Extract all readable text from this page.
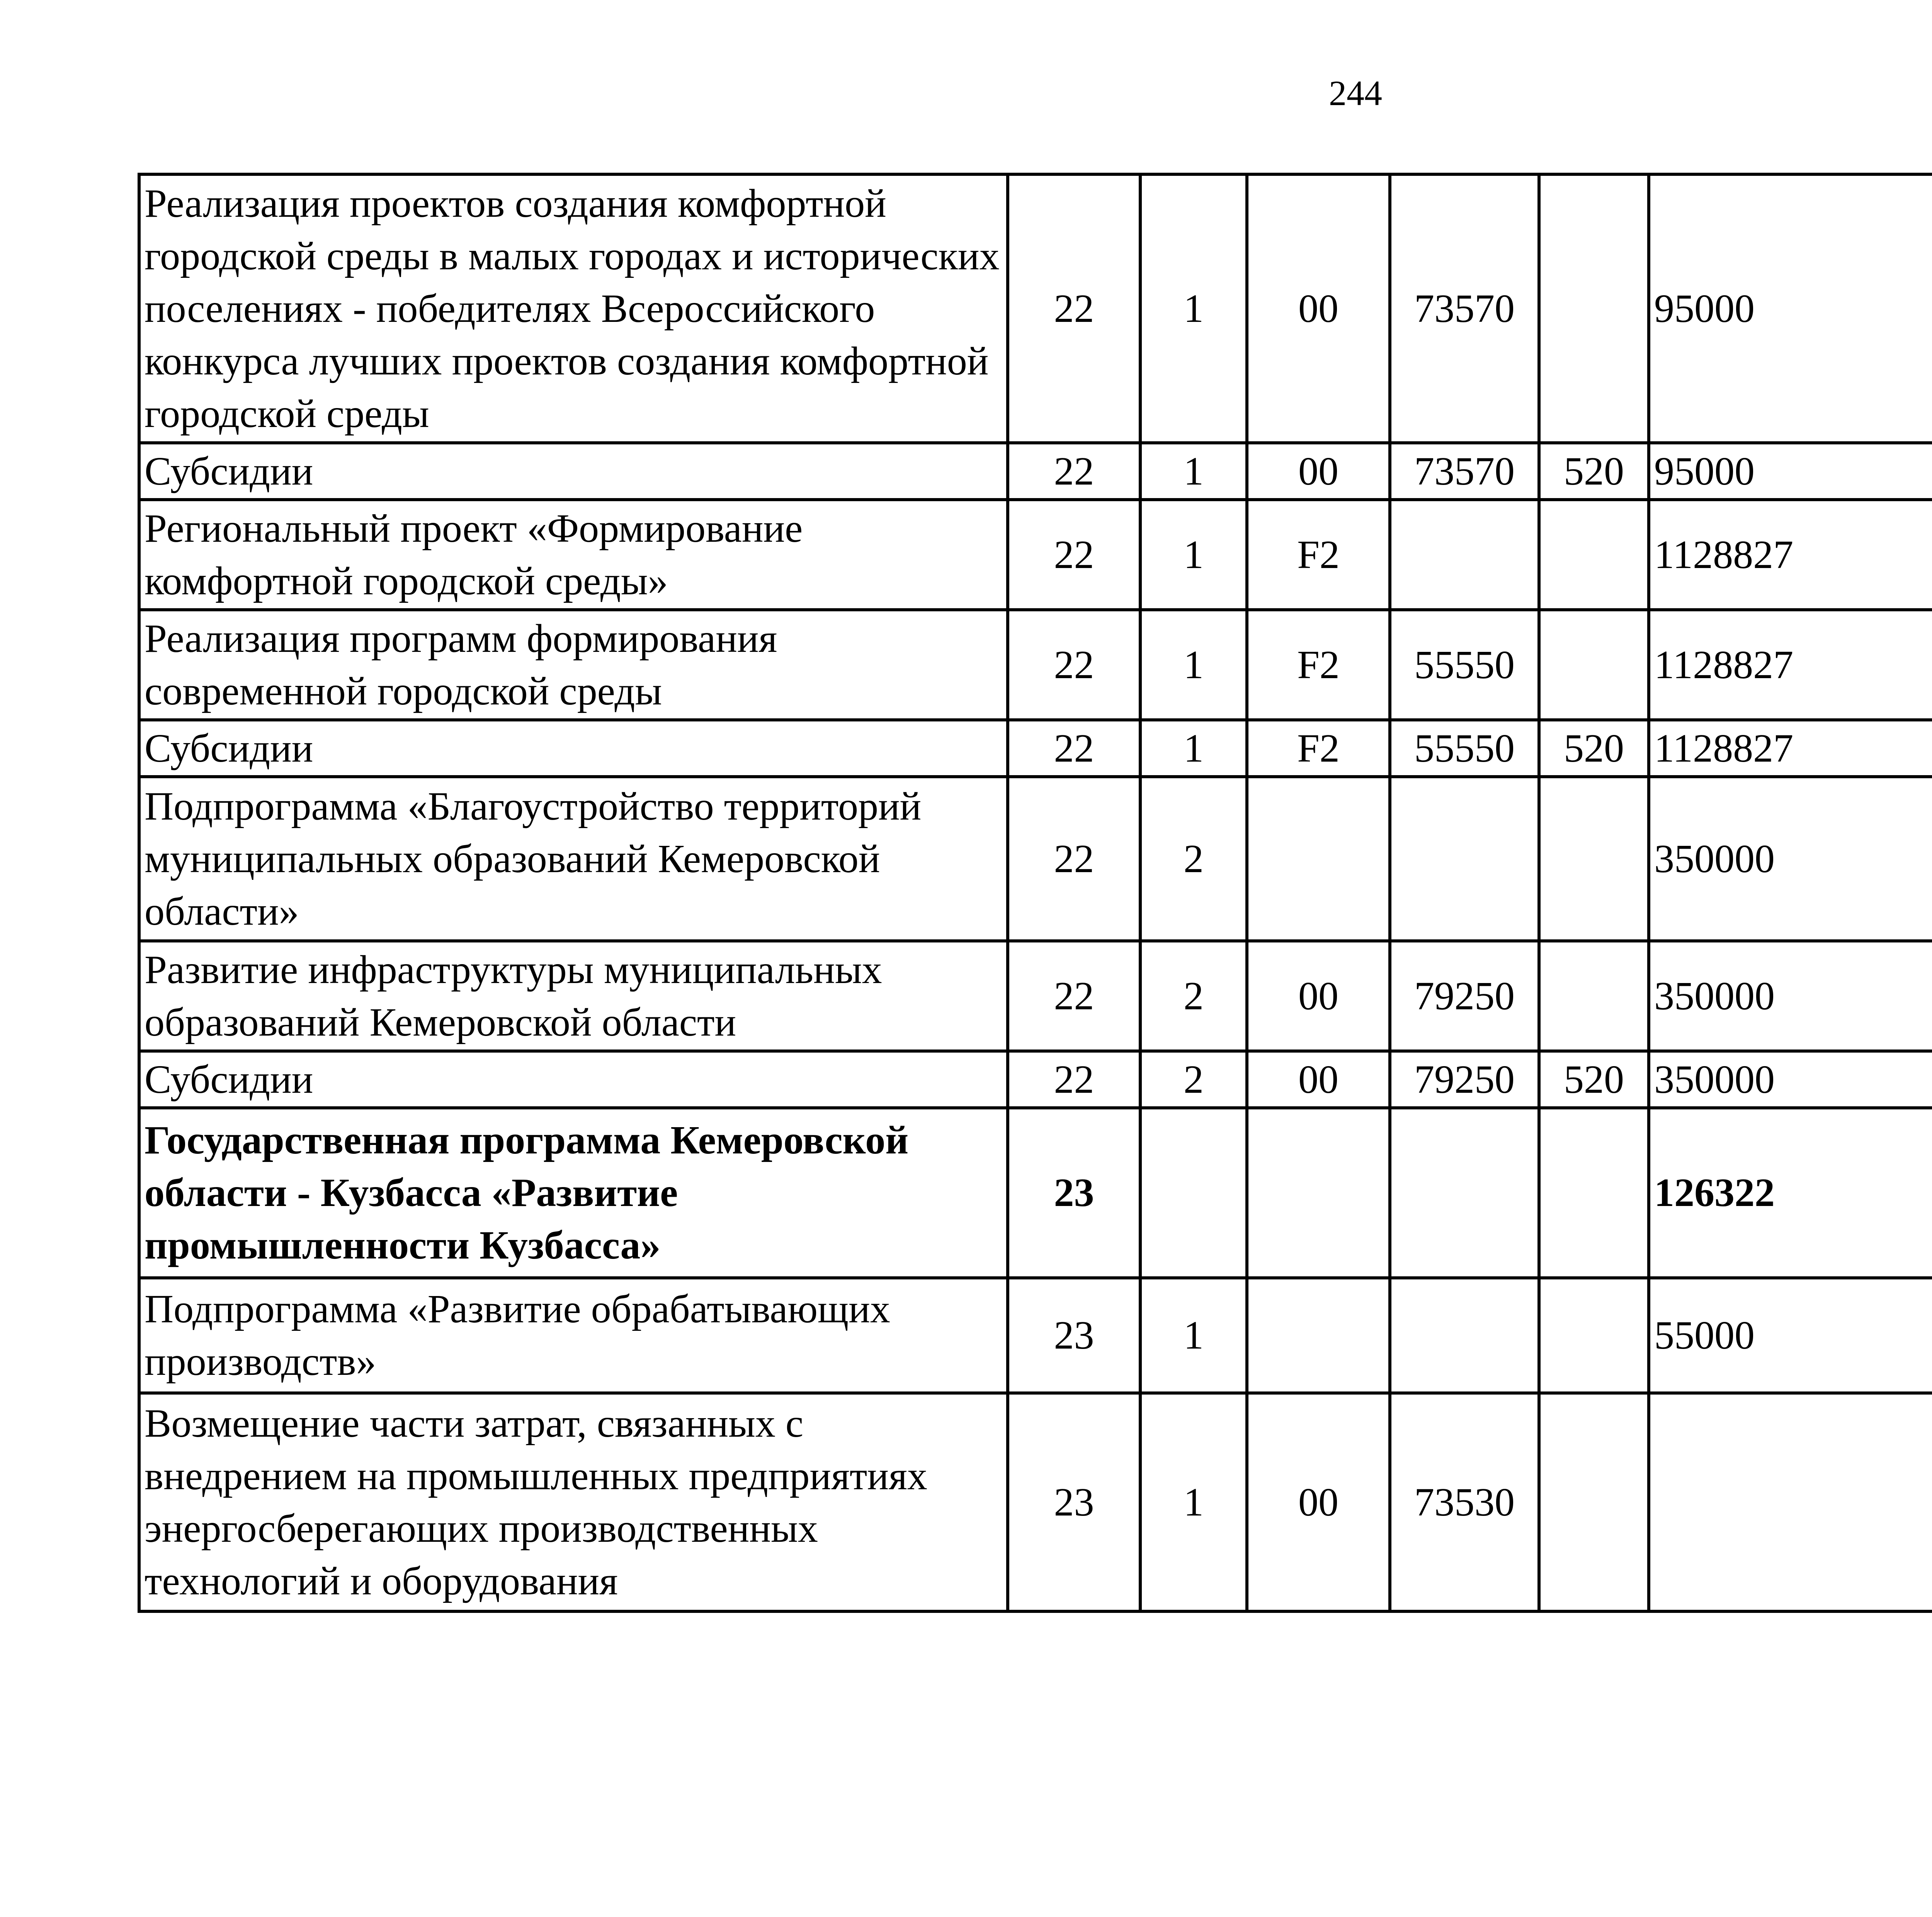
244
Реализация проектов создания комфортной городской среды в малых городах и исторических поселениях - победителях Всероссийского конкурса лучших проектов создания комфортной городской среды	22	1	00	73570		95000		
Субсидии	22	1	00	73570	520	95000		
Региональный проект «Формирование комфортной городской среды»	22	1	F2			1128827		
Реализация программ формирования современной городской среды	22	1	F2	55550		1128827		
Субсидии	22	1	F2	55550	520	1128827		
Подпрограмма «Благоустройство территорий муниципальных образований Кемеровской области»	22	2				350000		
Развитие инфраструктуры муниципальных образований Кемеровской области	22	2	00	79250		350000		
Субсидии	22	2	00	79250	520	350000		
Государственная программа Кемеровской области - Кузбасса «Развитие промышленности Кузбасса»	23					126322		
Подпрограмма «Развитие обрабатывающих производств»	23	1				55000		
Возмещение части затрат, связанных с внедрением на промышленных предприятиях энергосберегающих производственных технологий и оборудования	23	1	00	73530				
